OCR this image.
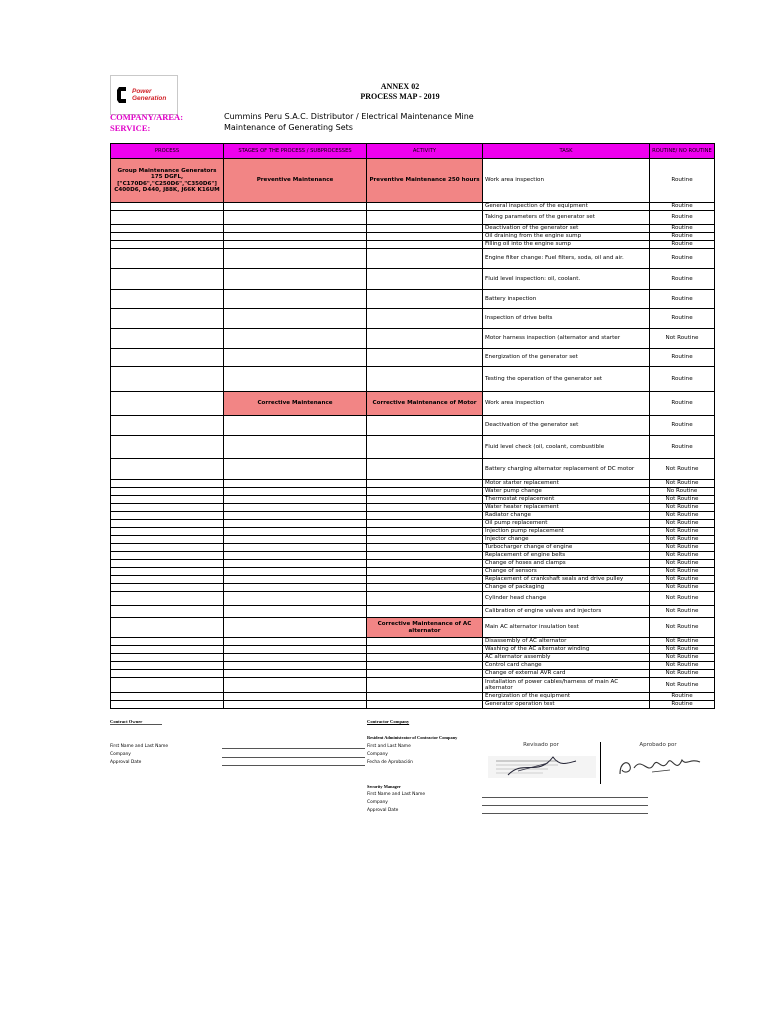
Power
Generation
ANNEX 02
PROCESS MAP - 2019
COMPANY/AREA:	Cummins Peru S.A.C. Distributor / Electrical Maintenance Mine
SERVICE:	Maintenance of Generating Sets
PROCESS	STAGES OF THE PROCESS / SUBPROCESSES	ACTIVITY	TASK	ROUTINE/ NO ROUTINE
Group Maintenance Generators 175 DGFL, ["C170D6","C250D6","C350D6"] C400D6, D440, J88K, J66K K16UM	Preventive Maintenance	Preventive Maintenance 250 hours	Work area inspection	Routine
			General inspection of the equipment	Routine
			Taking parameters of the generator set	Routine
			Deactivation of the generator set	Routine
			Oil draining from the engine sump	Routine
			Filling oil into the engine sump	Routine
			Engine filter change: Fuel filters, soda, oil and air.	Routine
			Fluid level inspection: oil, coolant.	Routine
			Battery inspection	Routine
			Inspection of drive belts	Routine
			Motor harness inspection (alternator and starter	Not Routine
			Energization of the generator set	Routine
			Testing the operation of the generator set	Routine
	Corrective Maintenance	Corrective Maintenance of Motor	Work area inspection	Routine
			Deactivation of the generator set	Routine
			Fluid level check (oil, coolant, combustible	Routine
			Battery charging alternator replacement of DC motor	Not Routine
			Motor starter replacement	Not Routine
			Water pump change	No Routine
			Thermostat replacement	Not Routine
			Water heater replacement	Not Routine
			Radiator change	Not Routine
			Oil pump replacement	Not Routine
			Injection pump replacement	Not Routine
			Injector change	Not Routine
			Turbocharger change of engine	Not Routine
			Replacement of engine belts	Not Routine
			Change of hoses and clamps	Not Routine
			Change of sensors	Not Routine
			Replacement of crankshaft seals and drive pulley	Not Routine
			Change of packaging	Not Routine
			Cylinder head change	Not Routine
			Calibration of engine valves and injectors	Not Routine
		Corrective Maintenance of AC alternator	Main AC alternator insulation test	Not Routine
			Disassembly of AC alternator	Not Routine
			Washing of the AC alternator winding	Not Routine
			AC alternator assembly	Not Routine
			Control card change	Not Routine
			Change of external AVR card	Not Routine
			Installation of power cables/harness of main AC alternator	Not Routine
			Energization of the equipment	Routine
			Generator operation test	Routine
Contract Owner
First Name and Last Name
Company
Approval Date
Contractor Company
Resident Administrator of Contractor Company
First and Last Name
Company
Fecha de Aprobación
Security Manager
First Name and Last Name
Company
Approval Date
Revisado por	Aprobado por
